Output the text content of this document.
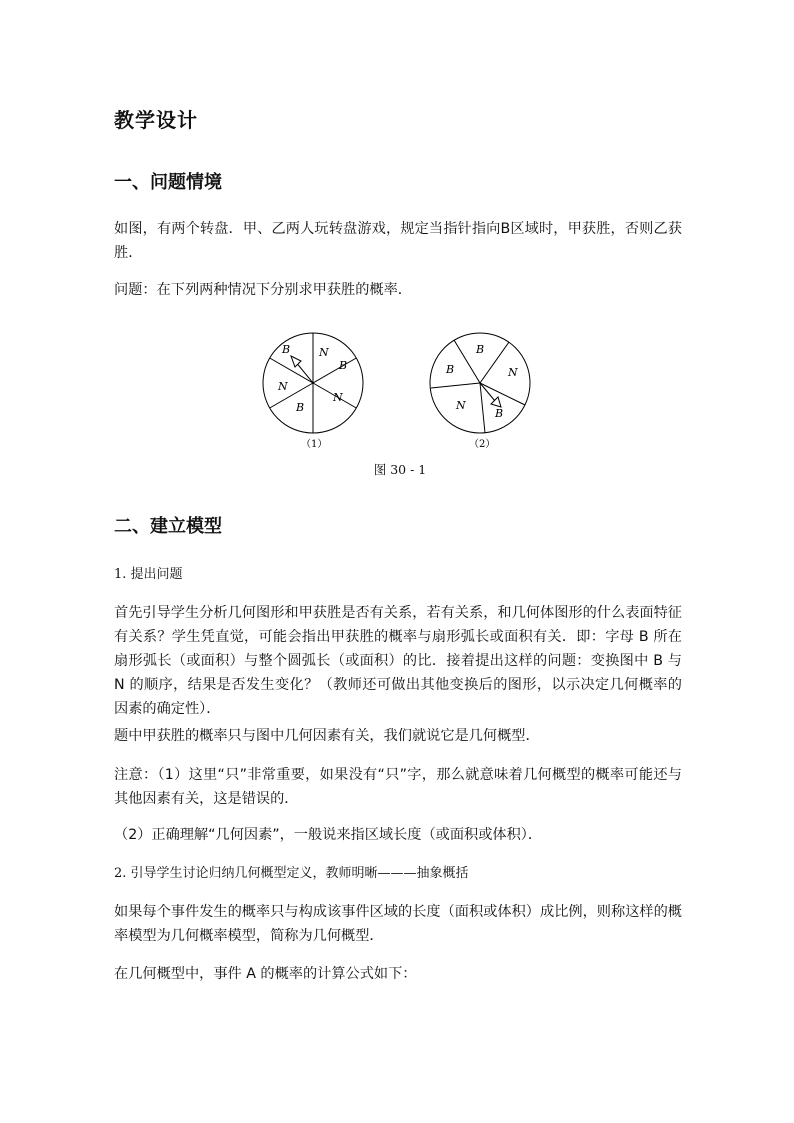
教学设计
一、问题情境

如图，有两个转盘．甲、乙两人玩转盘游戏，规定当指针指向B区域时，甲获胜，否则乙获胜．

问题：在下列两种情况下分别求甲获胜的概率．

B	N
B
N
B
N
（1）
B
N
B
N
B
（2）
图 30 - 1
二、建立模型

1. 提出问题

首先引导学生分析几何图形和甲获胜是否有关系，若有关系，和几何体图形的什么表面特征有关系？学生凭直觉，可能会指出甲获胜的概率与扇形弧长或面积有关．即：字母 B 所在扇形弧长（或面积）与整个圆弧长（或面积）的比．接着提出这样的问题：变换图中 B 与N 的顺序，结果是否发生变化？（教师还可做出其他变换后的图形，以示决定几何概率的因素的确定性）．

题中甲获胜的概率只与图中几何因素有关，我们就说它是几何概型．

注意：（1）这里“只”非常重要，如果没有“只”字，那么就意味着几何概型的概率可能还与其他因素有关，这是错误的．

（2）正确理解“几何因素”，一般说来指区域长度（或面积或体积）．

2. 引导学生讨论归纳几何概型定义，教师明晰———抽象概括

如果每个事件发生的概率只与构成该事件区域的长度（面积或体积）成比例，则称这样的概率模型为几何概率模型，简称为几何概型．

在几何概型中，事件 A 的概率的计算公式如下：
